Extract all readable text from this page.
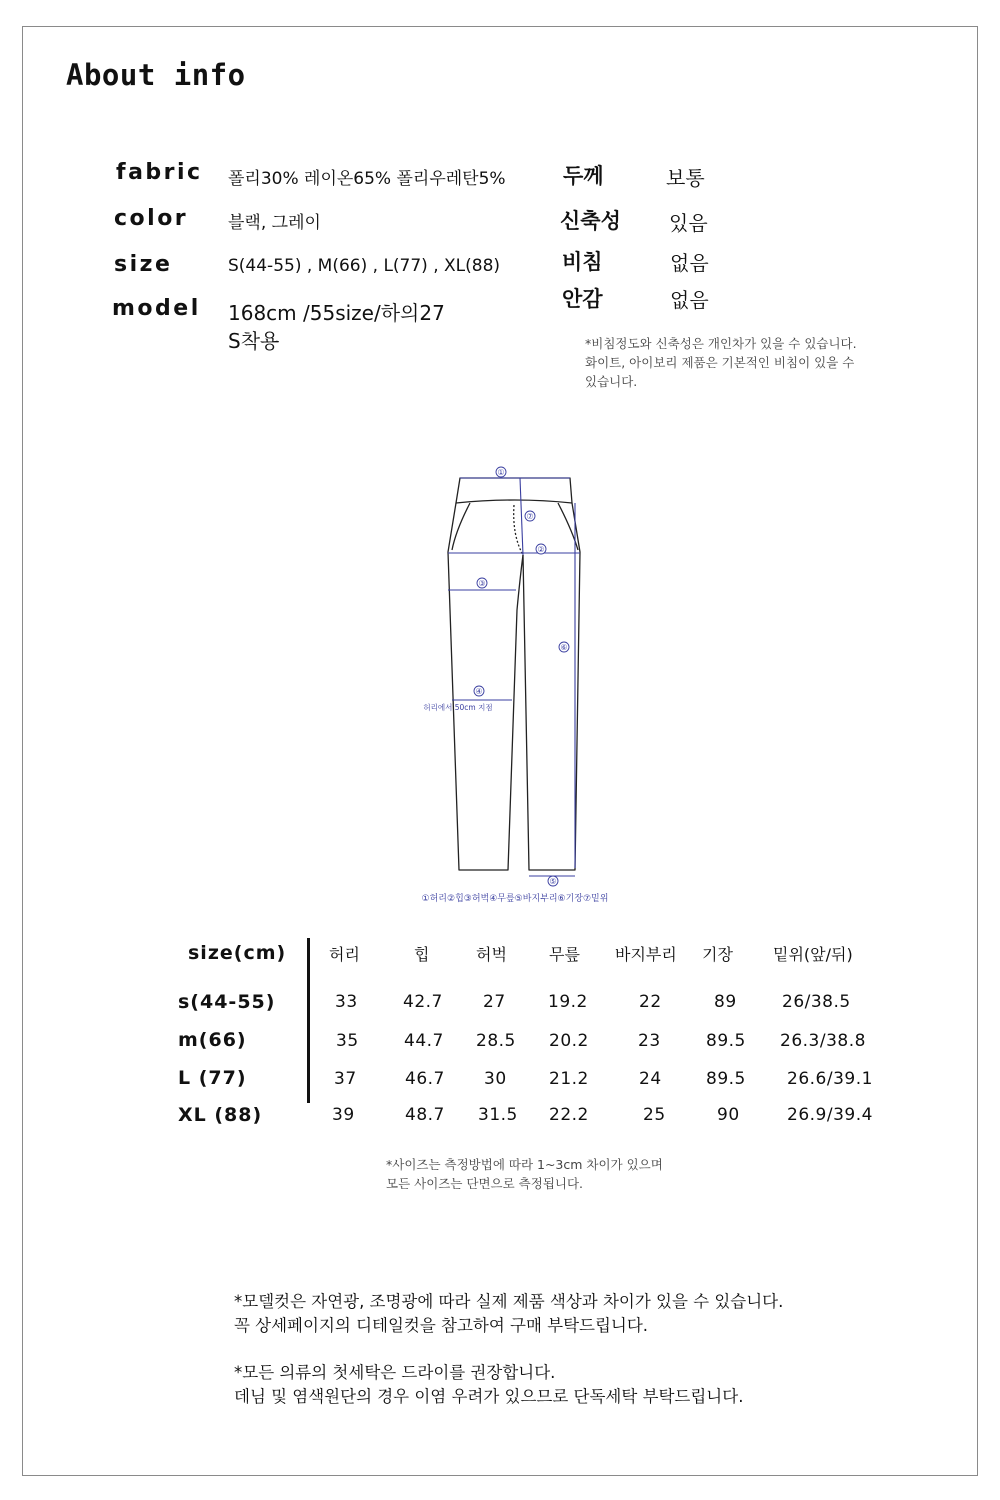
About info
fabric 폴리30% 레이온65% 폴리우레탄5%
color 블랙, 그레이
size	S(44-55) , M(66) , L(77) , XL(88)
model 168cm /55size/하의27
S착용
두께	보통
신축성 있음
비침	없음
안감	없음
*비침정도와 신축성은 개인차가 있을 수 있습니다.
화이트, 아이보리 제품은 기본적인 비침이 있을 수
있습니다.
①
②
③
④
⑤
⑥
⑦
허리에서 50cm 지점
①허리②힙③허벅④무릎⑤바지부리⑥기장⑦밑위
size(cm)	허리	힙	허벅	무릎 바지부리 기장	밑위(앞/뒤)
s(44-55)	33	42.7 27 19.2	22	89	26/38.5
m(66)	35	44.7 28.5 20.2	23	89.5 26.3/38.8
L (77)	37	46.7 30 21.2	24	89.5 26.6/39.1
XL (88)	39	48.7 31.5 22.2	25	90	26.9/39.4
*사이즈는 측정방법에 따라 1~3cm 차이가 있으며
모든 사이즈는 단면으로 측정됩니다.
*모델컷은 자연광, 조명광에 따라 실제 제품 색상과 차이가 있을 수 있습니다.
꼭 상세페이지의 디테일컷을 참고하여 구매 부탁드립니다.
*모든 의류의 첫세탁은 드라이를 권장합니다.
데님 및 염색원단의 경우 이염 우려가 있으므로 단독세탁 부탁드립니다.
